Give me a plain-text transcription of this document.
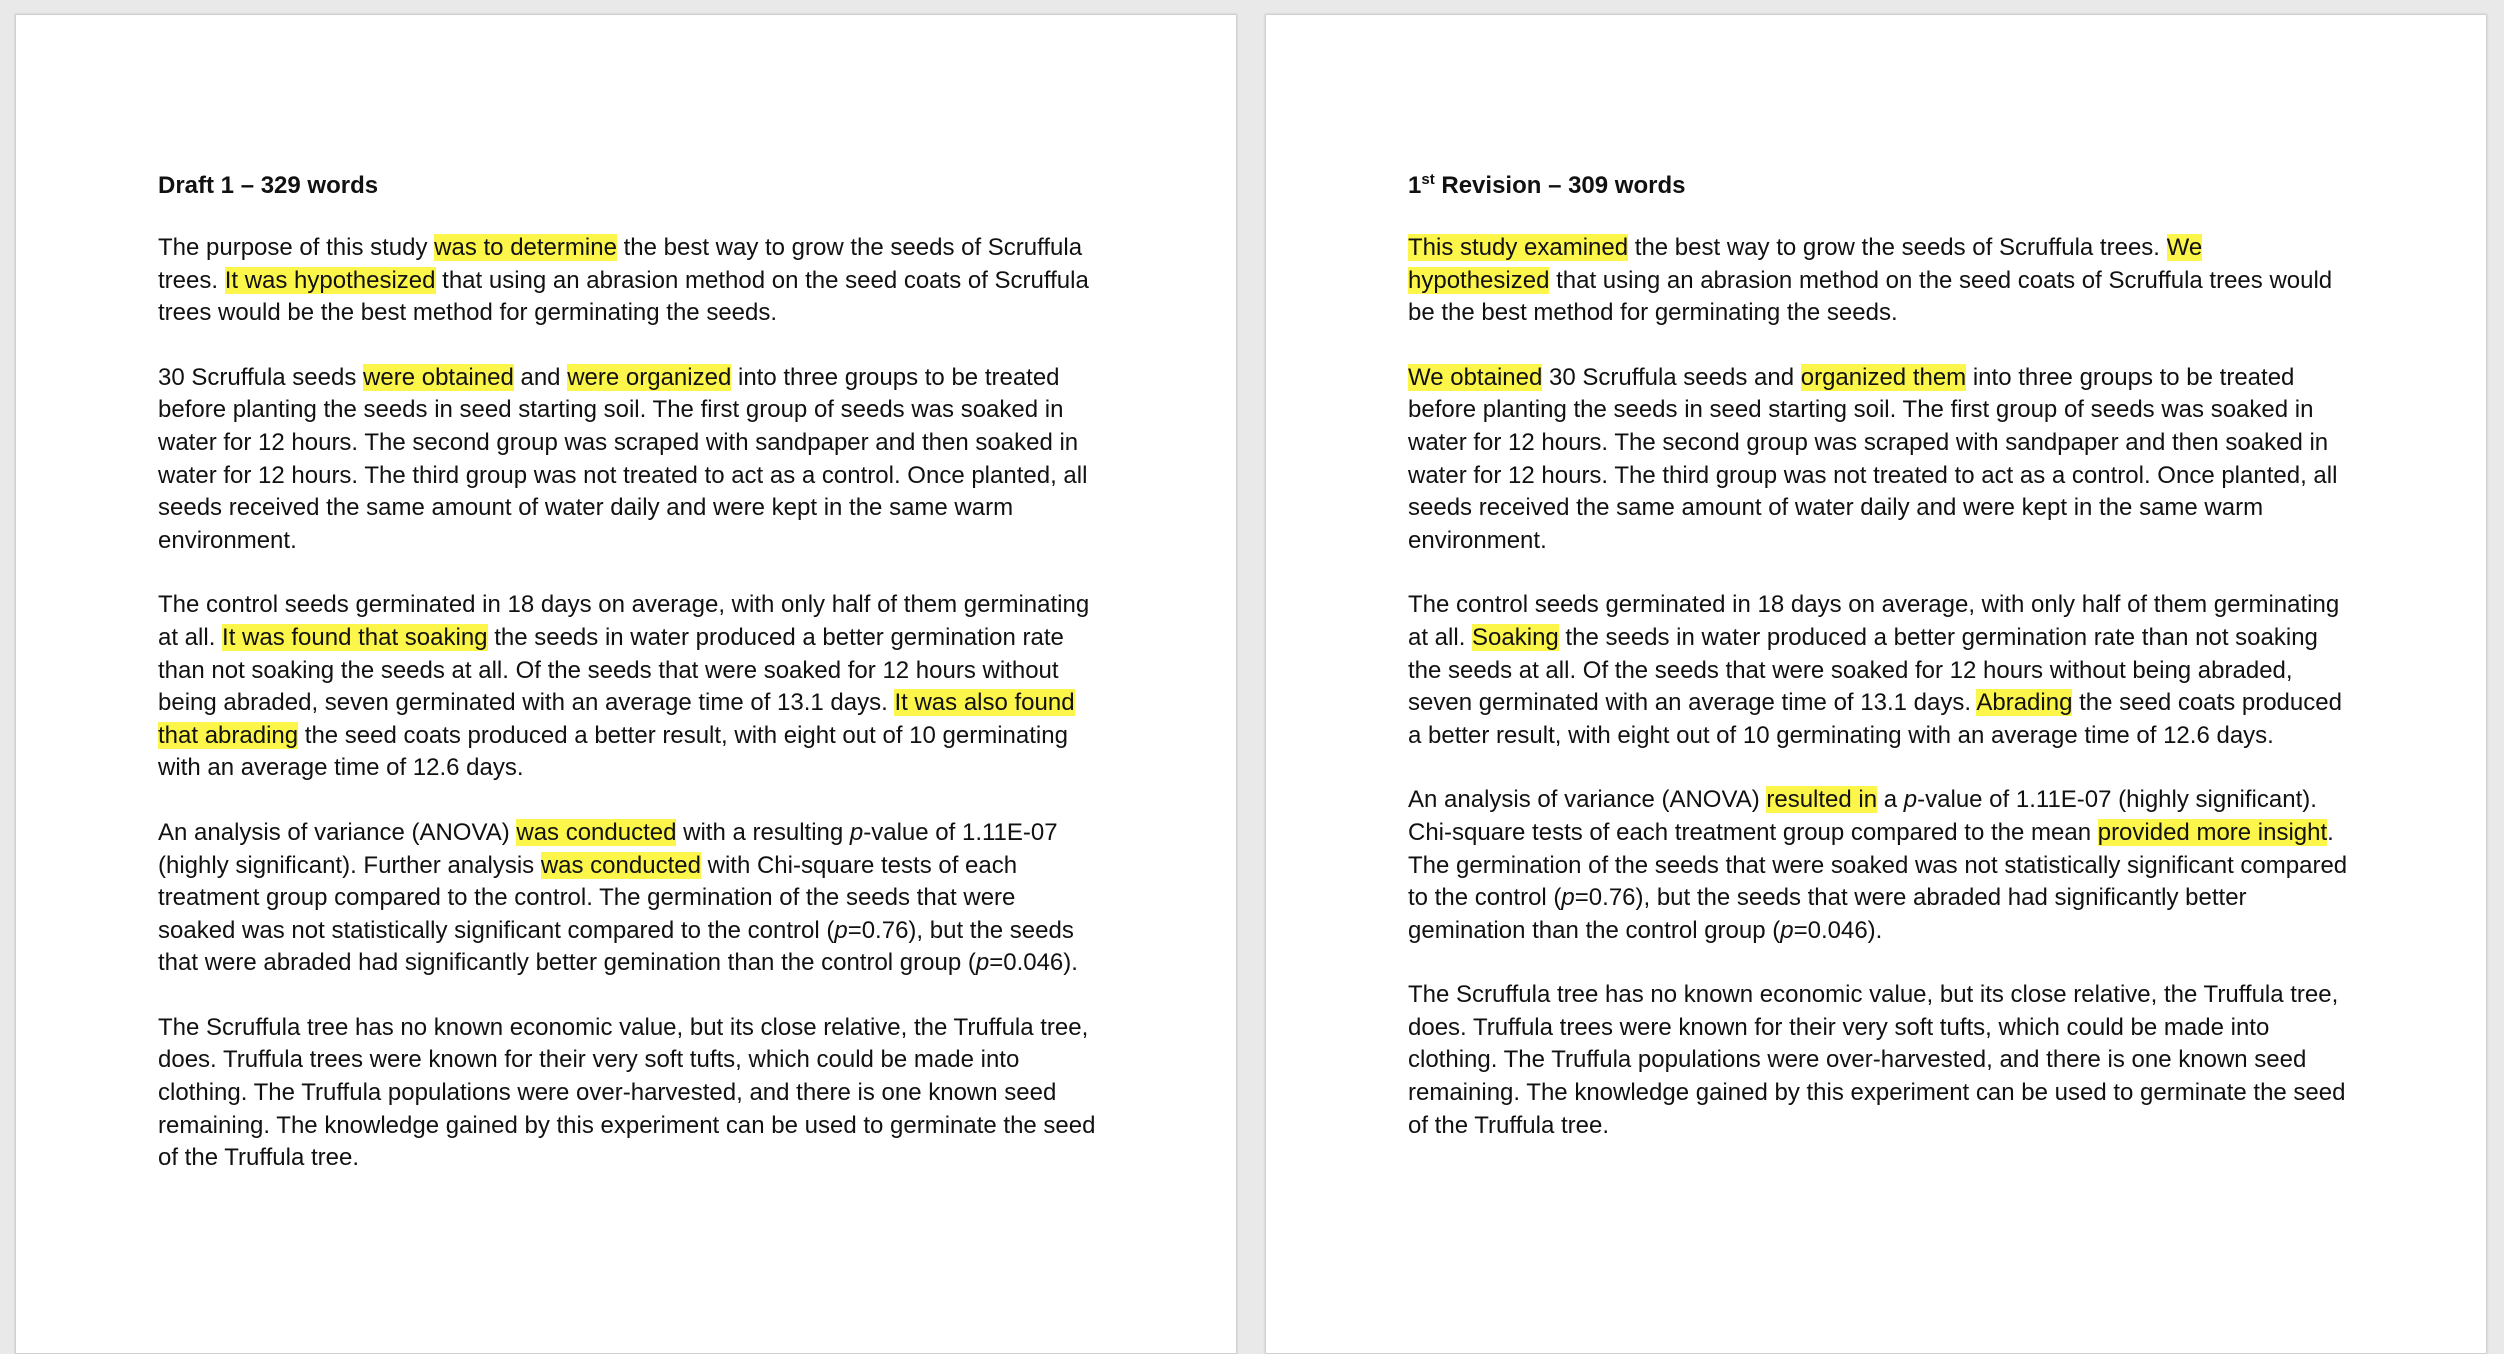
Draft 1 – 329 words

The purpose of this study was to determine the best way to grow the seeds of Scruffula trees. It was hypothesized that using an abrasion method on the seed coats of Scruffula trees would be the best method for germinating the seeds.

30 Scruffula seeds were obtained and were organized into three groups to be treated before planting the seeds in seed starting soil. The first group of seeds was soaked in water for 12 hours. The second group was scraped with sandpaper and then soaked in water for 12 hours. The third group was not treated to act as a control. Once planted, all seeds received the same amount of water daily and were kept in the same warm environment.

The control seeds germinated in 18 days on average, with only half of them germinating at all. It was found that soaking the seeds in water produced a better germination rate than not soaking the seeds at all. Of the seeds that were soaked for 12 hours without being abraded, seven germinated with an average time of 13.1 days. It was also found that abrading the seed coats produced a better result, with eight out of 10 germinating with an average time of 12.6 days.

An analysis of variance (ANOVA) was conducted with a resulting p-value of 1.11E-07 (highly significant). Further analysis was conducted with Chi-square tests of each treatment group compared to the control. The germination of the seeds that were soaked was not statistically significant compared to the control (p=0.76), but the seeds that were abraded had significantly better gemination than the control group (p=0.046).

The Scruffula tree has no known economic value, but its close relative, the Truffula tree, does. Truffula trees were known for their very soft tufts, which could be made into clothing. The Truffula populations were over-harvested, and there is one known seed remaining. The knowledge gained by this experiment can be used to germinate the seed of the Truffula tree.

1st Revision – 309 words

This study examined the best way to grow the seeds of Scruffula trees. We hypothesized that using an abrasion method on the seed coats of Scruffula trees would be the best method for germinating the seeds.

We obtained 30 Scruffula seeds and organized them into three groups to be treated before planting the seeds in seed starting soil. The first group of seeds was soaked in water for 12 hours. The second group was scraped with sandpaper and then soaked in water for 12 hours. The third group was not treated to act as a control. Once planted, all seeds received the same amount of water daily and were kept in the same warm environment.

The control seeds germinated in 18 days on average, with only half of them germinating at all. Soaking the seeds in water produced a better germination rate than not soaking the seeds at all. Of the seeds that were soaked for 12 hours without being abraded, seven germinated with an average time of 13.1 days. Abrading the seed coats produced a better result, with eight out of 10 germinating with an average time of 12.6 days.

An analysis of variance (ANOVA) resulted in a p-value of 1.11E-07 (highly significant). Chi-square tests of each treatment group compared to the mean provided more insight. The germination of the seeds that were soaked was not statistically significant compared to the control (p=0.76), but the seeds that were abraded had significantly better gemination than the control group (p=0.046).

The Scruffula tree has no known economic value, but its close relative, the Truffula tree, does. Truffula trees were known for their very soft tufts, which could be made into clothing. The Truffula populations were over-harvested, and there is one known seed remaining. The knowledge gained by this experiment can be used to germinate the seed of the Truffula tree.
